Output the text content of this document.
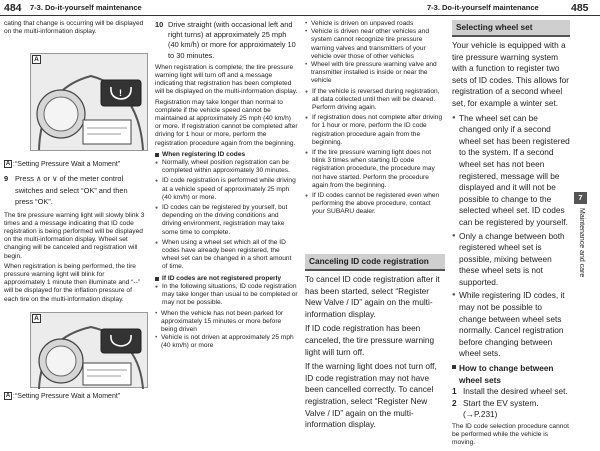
484 7-3. Do-it-yourself maintenance	7-3. Do-it-yourself maintenance	485

cating that change is occurring will be displayed on the multi-information display.

!
A

A :“Setting Pressure Wait a Moment”

9 Press ∧ or ∨ of the meter control switches and select “OK” and then press “OK”.

The tire pressure warning light will slowly blink 3 times and a message indicating that ID code registration is being performed will be displayed on the multi-information display. Wheel set changing will be canceled and registration will begin.

When registration is being performed, the tire pressure warning light will blink for approximately 1 minute then illuminate and “--” will be displayed for the inflation pressure of each tire on the multi-information display.

A

A :“Setting Pressure Wait a Moment”

10 Drive straight (with occasional left and right turns) at approximately 25 mph (40 km/h) or more for approximately 10 to 30 minutes.

When registration is complete, the tire pressure warning light will turn off and a message indicating that registration has been completed will be displayed on the multi-information display.

Registration may take longer than normal to complete if the vehicle speed cannot be maintained at approximately 25 mph (40 km/h) or more. If registration cannot be completed after driving for 1 hour or more, perform the registration procedure again from the beginning.

When registering ID codes
● Normally, wheel position registration can be completed within approximately 30 minutes.
● ID code registration is performed while driving at a vehicle speed of approximately 25 mph (40 km/h) or more.
● ID codes can be registered by yourself, but depending on the driving conditions and driving environment, registration may take some time to complete.
● When using a wheel set which all of the ID codes have already been registered, the wheel set can be changed in a short amount of time.
If ID codes are not registered properly
● In the following situations, ID code registration may take longer than usual to be completed or may not be possible.
• When the vehicle has not been parked for approximately 15 minutes or more before being driven
• Vehicle is not driven at approximately 25 mph (40 km/h) or more
• Vehicle is driven on unpaved roads
• Vehicle is driven near other vehicles and system cannot recognize tire pressure warning valves and transmitters of your vehicle over those of other vehicles
• Wheel with tire pressure warning valve and transmitter installed is inside or near the vehicle
● If the vehicle is reversed during registration, all data collected until then will be cleared. Perform driving again.
● If registration does not complete after driving for 1 hour or more, perform the ID code registration procedure again from the beginning.
● If the tire pressure warning light does not blink 3 times when starting ID code registration procedure, the procedure may not have started. Perform the procedure again from the beginning.
● If ID codes cannot be registered even when performing the above procedure, contact your SUBARU dealer.
Canceling ID code registration

To cancel ID code registration after it has been started, select “Register New Valve / ID” again on the multi-information display.

If ID code registration has been canceled, the tire pressure warning light will turn off.

If the warning light does not turn off, ID code registration may not have been cancelled correctly. To cancel registration, select “Register New Valve / ID” again on the multi-information display.

Selecting wheel set

Your vehicle is equipped with a tire pressure warning system with a function to register two sets of ID codes. This allows for registration of a second wheel set, for example a winter set.

● The wheel set can be changed only if a second wheel set has been registered to the system. If a second wheel set has not been registered, message will be displayed and it will not be possible to change to the selected wheel set. ID codes can be registered by yourself.
● Only a change between both registered wheel set is possible, mixing between these wheel sets is not supported.
● While registering ID codes, it may not be possible to change between wheel sets normally. Cancel registration before changing between wheel sets.
How to change between wheel sets
1 Install the desired wheel set.
2 Start the EV system. (→P.231)

The ID code selection procedure cannot be performed while the vehicle is moving.

7
Maintenance and care
